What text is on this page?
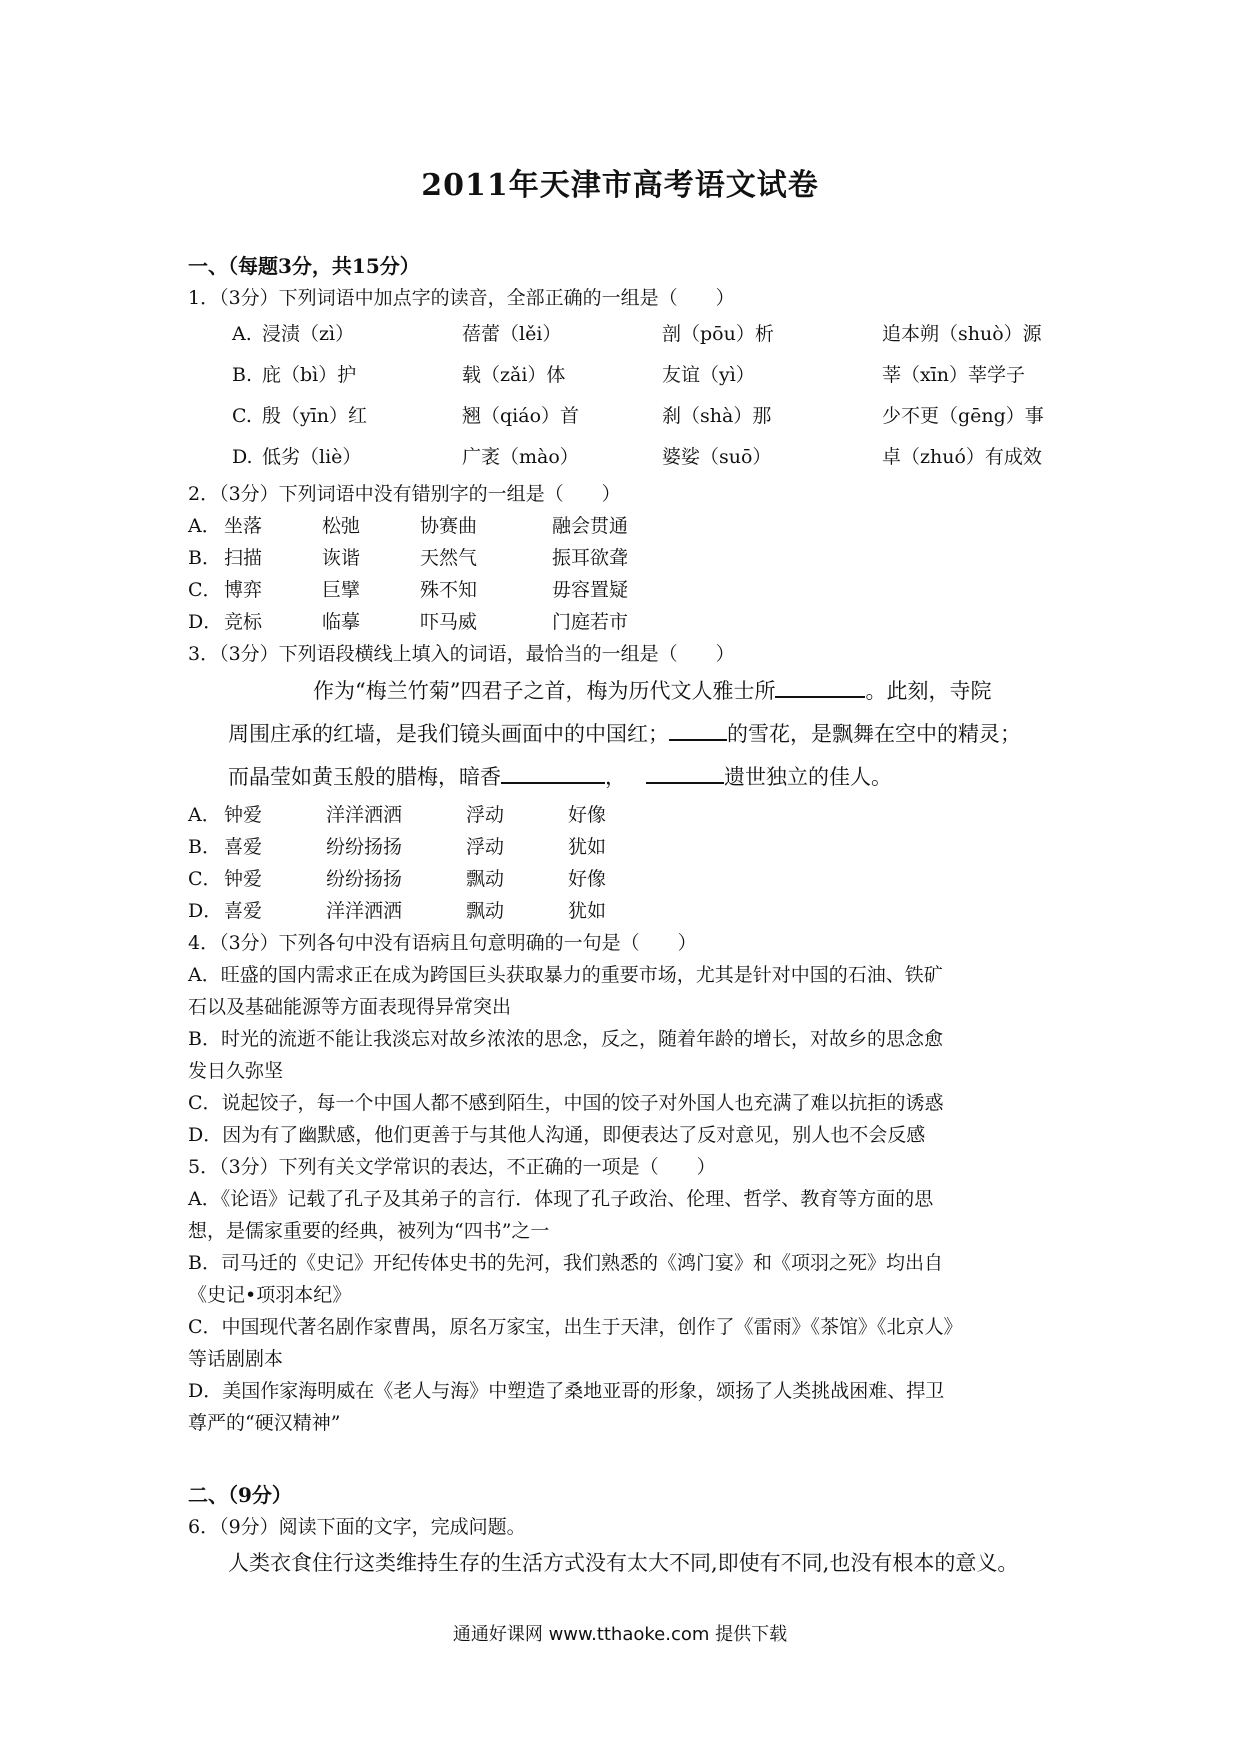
2011年天津市高考语文试卷
一、（每题3分，共15分）
1．（3分）下列词语中加点字的读音，全部正确的一组是（　　）
A. 浸渍（zì）	蓓蕾（lěi）	剖（pōu）析	追本朔（shuò）源
B. 庇（bì）护	载（zǎi）体	友谊（yì）	莘（xīn）莘学子
C. 殷（yīn）红	翘（qiáo）首	刹（shà）那	少不更（gēng）事
D. 低劣（liè）	广袤（mào）	婆娑（suō）	卓（zhuó）有成效
2．（3分）下列词语中没有错别字的一组是（　　）
A． 坐落	松弛	协赛曲	融会贯通
B． 扫描	诙谐	天然气	振耳欲聋
C． 博弈	巨擘	殊不知	毋容置疑
D． 竞标	临摹	吓马威	门庭若市
3．（3分）下列语段横线上填入的词语，最恰当的一组是（　　）
作为“梅兰竹菊”四君子之首，梅为历代文人雅士所	。此刻，寺院
周围庄承的红墙，是我们镜头画面中的中国红；	的雪花，是飘舞在空中的精灵；
而晶莹如黄玉般的腊梅，暗香	，	遗世独立的佳人。
A． 钟爱	洋洋洒洒	浮动	好像
B． 喜爱	纷纷扬扬	浮动	犹如
C． 钟爱	纷纷扬扬	飘动	好像
D． 喜爱	洋洋洒洒	飘动	犹如
4．（3分）下列各句中没有语病且句意明确的一句是（　　）
A．旺盛的国内需求正在成为跨国巨头获取暴力的重要市场，尤其是针对中国的石油、铁矿
石以及基础能源等方面表现得异常突出
B．时光的流逝不能让我淡忘对故乡浓浓的思念，反之，随着年龄的增长，对故乡的思念愈
发日久弥坚
C．说起饺子，每一个中国人都不感到陌生，中国的饺子对外国人也充满了难以抗拒的诱惑
D．因为有了幽默感，他们更善于与其他人沟通，即便表达了反对意见，别人也不会反感
5．（3分）下列有关文学常识的表达，不正确的一项是（　　）
A．《论语》记载了孔子及其弟子的言行．体现了孔子政治、伦理、哲学、教育等方面的思
想，是儒家重要的经典，被列为“四书”之一
B．司马迁的《史记》开纪传体史书的先河，我们熟悉的《鸿门宴》和《项羽之死》均出自
《史记•项羽本纪》
C．中国现代著名剧作家曹禺，原名万家宝，出生于天津，创作了《雷雨》《茶馆》《北京人》
等话剧剧本
D．美国作家海明威在《老人与海》中塑造了桑地亚哥的形象，颂扬了人类挑战困难、捍卫
尊严的“硬汉精神”
二、（9分）
6．（9分）阅读下面的文字，完成问题。
人类衣食住行这类维持生存的生活方式没有太大不同,即使有不同,也没有根本的意义。
通通好课网 www.tthaoke.com 提供下载
